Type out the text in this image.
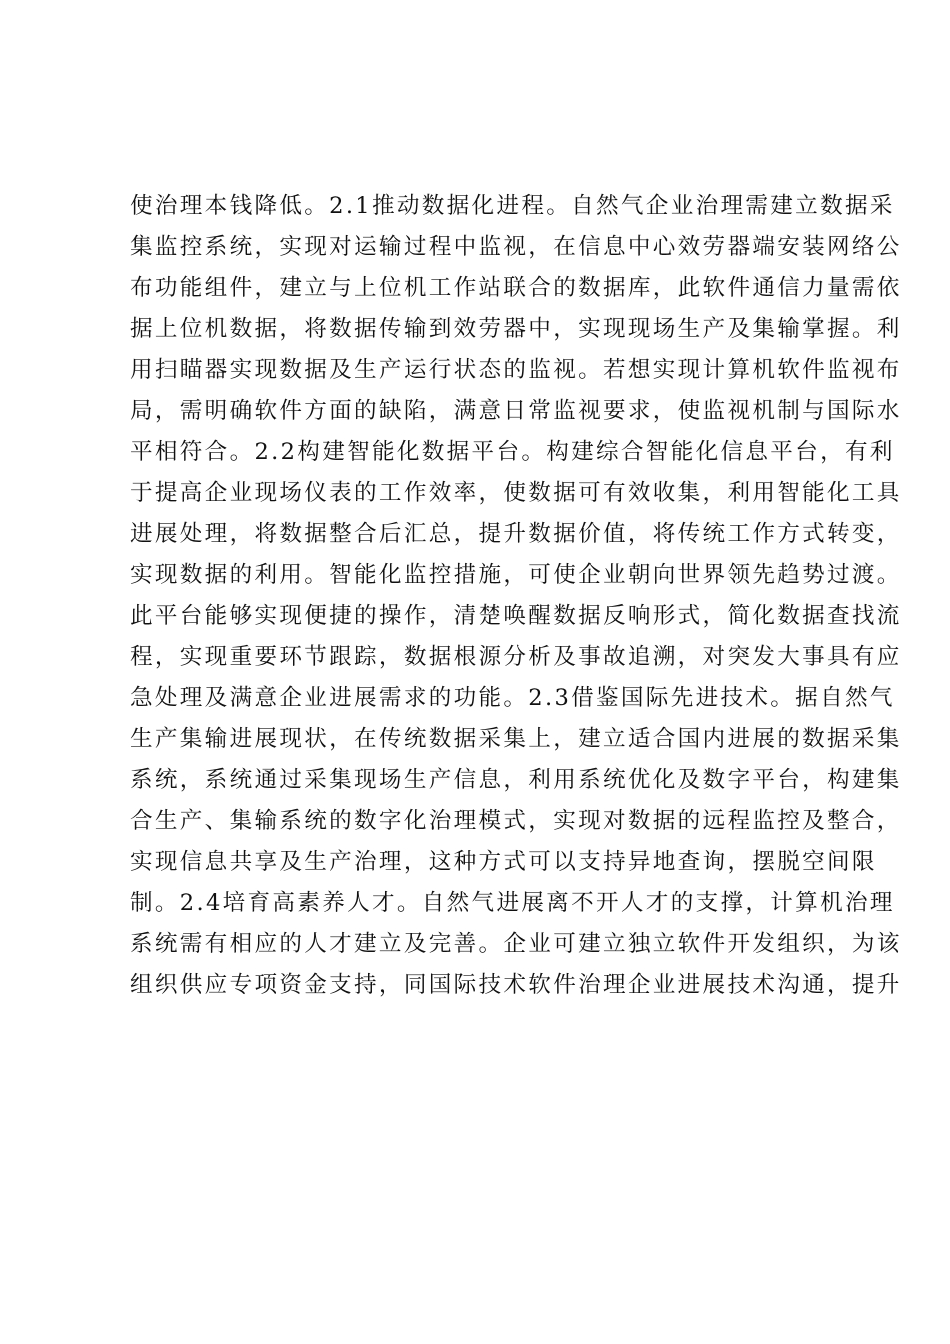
使治理本钱降低。2.1推动数据化进程。自然气企业治理需建立数据采
集监控系统，实现对运输过程中监视，在信息中心效劳器端安装网络公
布功能组件，建立与上位机工作站联合的数据库，此软件通信力量需依
据上位机数据，将数据传输到效劳器中，实现现场生产及集输掌握。利
用扫瞄器实现数据及生产运行状态的监视。若想实现计算机软件监视布
局，需明确软件方面的缺陷，满意日常监视要求，使监视机制与国际水
平相符合。2.2构建智能化数据平台。构建综合智能化信息平台，有利
于提高企业现场仪表的工作效率，使数据可有效收集，利用智能化工具
进展处理，将数据整合后汇总，提升数据价值，将传统工作方式转变，
实现数据的利用。智能化监控措施，可使企业朝向世界领先趋势过渡。
此平台能够实现便捷的操作，清楚唤醒数据反响形式，简化数据查找流
程，实现重要环节跟踪，数据根源分析及事故追溯，对突发大事具有应
急处理及满意企业进展需求的功能。2.3借鉴国际先进技术。据自然气
生产集输进展现状，在传统数据采集上，建立适合国内进展的数据采集
系统，系统通过采集现场生产信息，利用系统优化及数字平台，构建集
合生产、集输系统的数字化治理模式，实现对数据的远程监控及整合，
实现信息共享及生产治理，这种方式可以支持异地查询，摆脱空间限
制。2.4培育高素养人才。自然气进展离不开人才的支撑，计算机治理
系统需有相应的人才建立及完善。企业可建立独立软件开发组织，为该
组织供应专项资金支持，同国际技术软件治理企业进展技术沟通，提升
